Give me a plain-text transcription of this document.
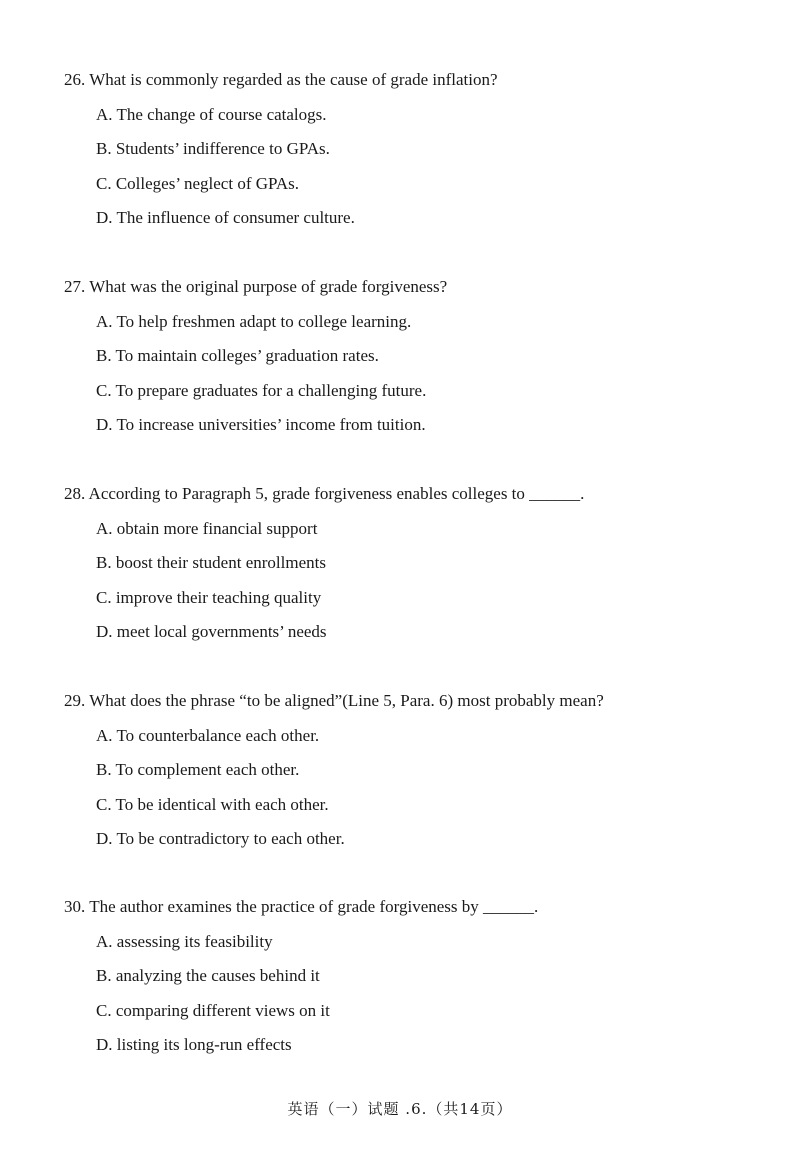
26. What is commonly regarded as the cause of grade inflation?
A. The change of course catalogs.
B. Students’ indifference to GPAs.
C. Colleges’ neglect of GPAs.
D. The influence of consumer culture.
27. What was the original purpose of grade forgiveness?
A. To help freshmen adapt to college learning.
B. To maintain colleges’ graduation rates.
C. To prepare graduates for a challenging future.
D. To increase universities’ income from tuition.
28. According to Paragraph 5, grade forgiveness enables colleges to ______.
A. obtain more financial support
B. boost their student enrollments
C. improve their teaching quality
D. meet local governments’ needs
29. What does the phrase “to be aligned”(Line 5, Para. 6) most probably mean?
A. To counterbalance each other.
B. To complement each other.
C. To be identical with each other.
D. To be contradictory to each other.
30. The author examines the practice of grade forgiveness by ______.
A. assessing its feasibility
B. analyzing the causes behind it
C. comparing different views on it
D. listing its long-run effects
英语（一）试题 .6.（共14页）
